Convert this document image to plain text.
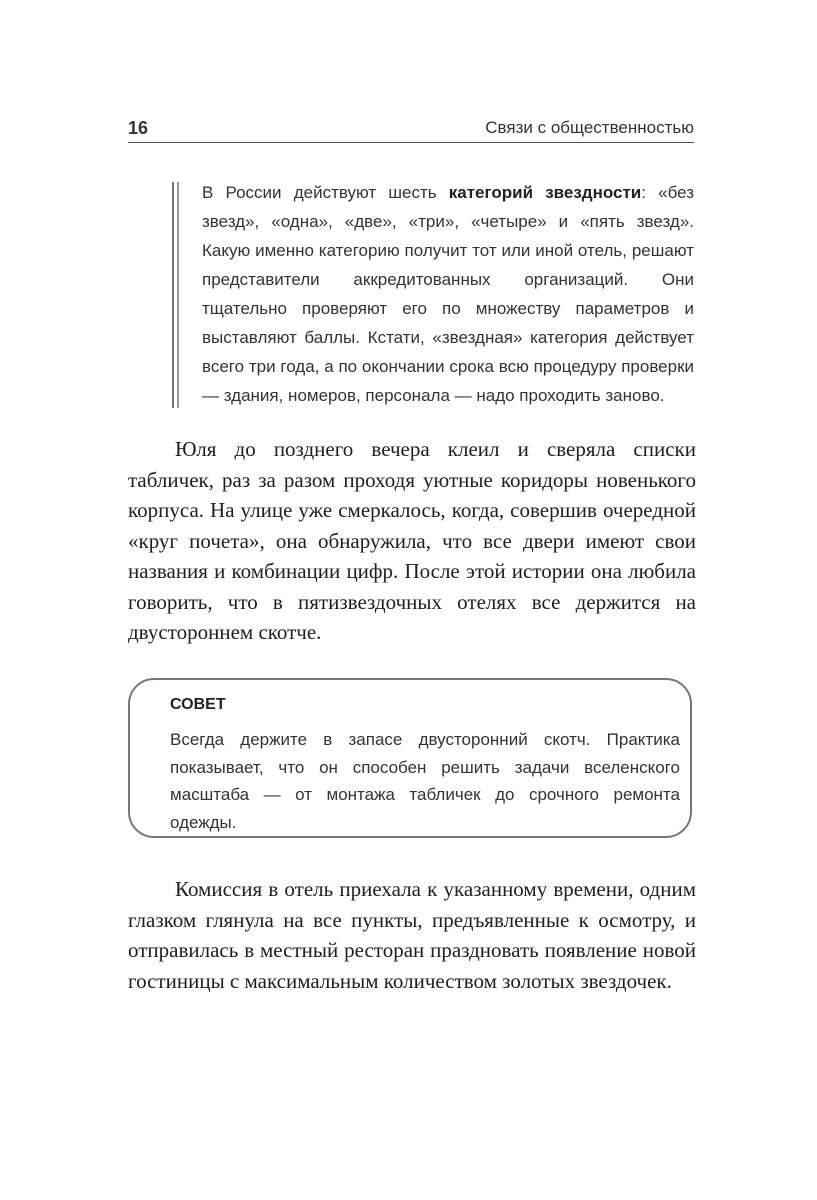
16	Связи с общественностью

В России действуют шесть категорий звездности: «без звезд», «одна», «две», «три», «четыре» и «пять звезд». Какую именно категорию получит тот или иной отель, решают представители аккредитованных организаций. Они тщательно проверяют его по множеству параметров и выставляют баллы. Кстати, «звездная» категория действует всего три года, а по окончании срока всю процедуру проверки — здания, номеров, персонала — надо проходить заново.

Юля до позднего вечера клеил и сверяла списки табличек, раз за разом проходя уютные коридоры новенького корпуса. На улице уже смеркалось, когда, совершив очередной «круг почета», она обнаружила, что все двери имеют свои названия и комбинации цифр. После этой истории она любила говорить, что в пятизвездочных отелях все держится на двустороннем скотче.

СОВЕТ

Всегда держите в запасе двусторонний скотч. Практика показывает, что он способен решить задачи вселенского масштаба — от монтажа табличек до срочного ремонта одежды.

Комиссия в отель приехала к указанному времени, одним глазком глянула на все пункты, предъявленные к осмотру, и отправилась в местный ресторан праздновать появление новой гостиницы с максимальным количеством золотых звездочек.
